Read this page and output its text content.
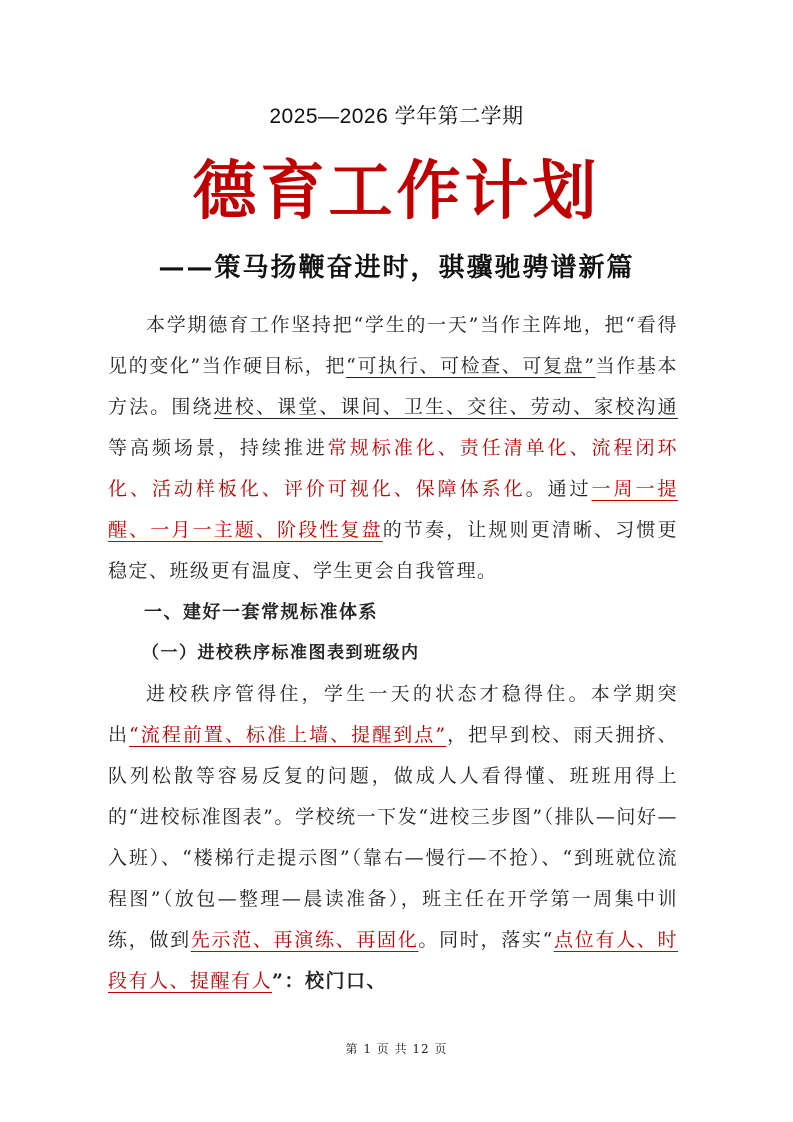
2025—2026 学年第二学期
德育工作计划
——策马扬鞭奋进时，骐骥驰骋谱新篇

本学期德育工作坚持把“学生的一天”当作主阵地，把“看得见的变化”当作硬目标，把“可执行、可检查、可复盘”当作基本方法。围绕进校、课堂、课间、卫生、交往、劳动、家校沟通等高频场景，持续推进常规标准化、责任清单化、流程闭环化、活动样板化、评价可视化、保障体系化。通过一周一提醒、一月一主题、阶段性复盘的节奏，让规则更清晰、习惯更稳定、班级更有温度、学生更会自我管理。

一、建好一套常规标准体系

（一）进校秩序标准图表到班级内

进校秩序管得住，学生一天的状态才稳得住。本学期突出“流程前置、标准上墙、提醒到点”，把早到校、雨天拥挤、队列松散等容易反复的问题，做成人人看得懂、班班用得上的“进校标准图表”。学校统一下发“进校三步图”（排队—问好—入班）、“楼梯行走提示图”（靠右—慢行—不抢）、“到班就位流程图”（放包—整理—晨读准备），班主任在开学第一周集中训练，做到先示范、再演练、再固化。同时，落实“点位有人、时段有人、提醒有人”：校门口、

第 1 页 共 12 页
